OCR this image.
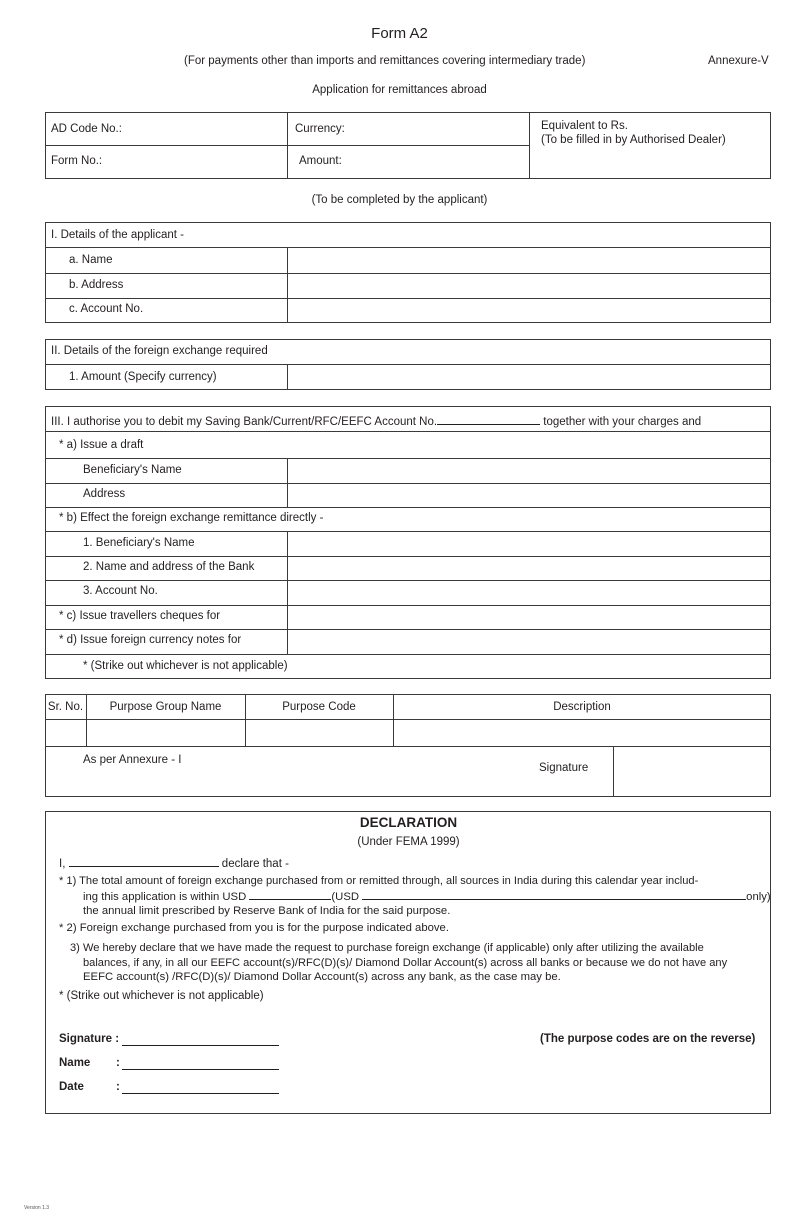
Form A2
(For payments other than imports and remittances covering intermediary trade)	Annexure-V
Application for remittances abroad
AD Code No.:	Currency:	Equivalent to Rs.
(To be filled in by Authorised Dealer)
Form No.:	Amount:
(To be completed by the applicant)
I. Details of the applicant -
a. Name
b. Address
c. Account No.
II. Details of the foreign exchange required
1. Amount (Specify currency)
III. I authorise you to debit my Saving Bank/Current/RFC/EEFC Account No.	together with your charges and
* a) Issue a draft
Beneficiary's Name
Address
* b) Effect the foreign exchange remittance directly -
1. Beneficiary's Name
2. Name and address of the Bank
3. Account No.
* c) Issue travellers cheques for
* d) Issue foreign currency notes for
* (Strike out whichever is not applicable)
Sr. No.	Purpose Group Name	Purpose Code	Description
As per Annexure - I
Signature
DECLARATION
(Under FEMA 1999)
I,	declare that -
* 1) The total amount of foreign exchange purchased from or remitted through, all sources in India during this calendar year includ-
ing this application is within USD	(USD	only)
the annual limit prescribed by Reserve Bank of India for the said purpose.
* 2) Foreign exchange purchased from you is for the purpose indicated above.
3) We hereby declare that we have made the request to purchase foreign exchange (if applicable) only after utilizing the available
balances, if any, in all our EEFC account(s)/RFC(D)(s)/ Diamond Dollar Account(s) across all banks or because we do not have any
EEFC account(s) /RFC(D)(s)/ Diamond Dollar Account(s) across any bank, as the case may be.
* (Strike out whichever is not applicable)
Signature :
Name :
Date	:
(The purpose codes are on the reverse)
Version 1.3
